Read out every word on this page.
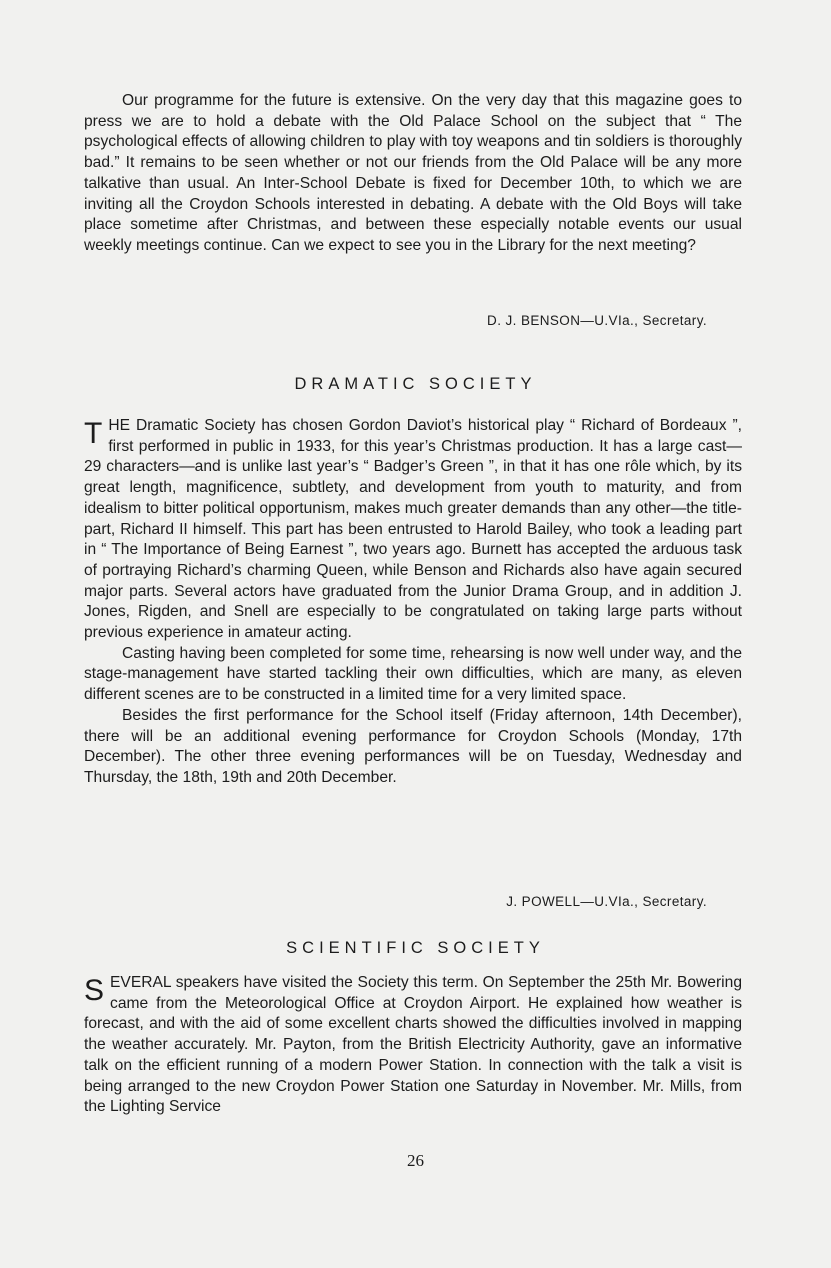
Our programme for the future is extensive. On the very day that this magazine goes to press we are to hold a debate with the Old Palace School on the subject that “ The psychological effects of allowing children to play with toy weapons and tin soldiers is thoroughly bad.” It remains to be seen whether or not our friends from the Old Palace will be any more talkative than usual. An Inter-School Debate is fixed for December 10th, to which we are inviting all the Croydon Schools interested in debating. A debate with the Old Boys will take place sometime after Christmas, and between these especially notable events our usual weekly meetings continue. Can we expect to see you in the Library for the next meeting?

D. J. BENSON—U.VIa., Secretary.

DRAMATIC SOCIETY

THE Dramatic Society has chosen Gordon Daviot’s historical play “ Richard of Bordeaux ”, first performed in public in 1933, for this year’s Christmas production. It has a large cast—29 characters—and is unlike last year’s “ Badger’s Green ”, in that it has one rôle which, by its great length, magnificence, subtlety, and development from youth to maturity, and from idealism to bitter political opportunism, makes much greater demands than any other—the title-part, Richard II himself. This part has been entrusted to Harold Bailey, who took a leading part in “ The Importance of Being Earnest ”, two years ago. Burnett has accepted the arduous task of portraying Richard’s charming Queen, while Benson and Richards also have again secured major parts. Several actors have graduated from the Junior Drama Group, and in addition J. Jones, Rigden, and Snell are especially to be congratulated on taking large parts without previous experience in amateur acting.

Casting having been completed for some time, rehearsing is now well under way, and the stage-management have started tackling their own difficulties, which are many, as eleven different scenes are to be constructed in a limited time for a very limited space.

Besides the first performance for the School itself (Friday afternoon, 14th December), there will be an additional evening performance for Croydon Schools (Monday, 17th December). The other three evening performances will be on Tuesday, Wednesday and Thursday, the 18th, 19th and 20th December.

J. POWELL—U.VIa., Secretary.

SCIENTIFIC SOCIETY

SEVERAL speakers have visited the Society this term. On September the 25th Mr. Bowering came from the Meteorological Office at Croydon Airport. He explained how weather is forecast, and with the aid of some excellent charts showed the difficulties involved in mapping the weather accurately. Mr. Payton, from the British Electricity Authority, gave an informative talk on the efficient running of a modern Power Station. In connection with the talk a visit is being arranged to the new Croydon Power Station one Saturday in November. Mr. Mills, from the Lighting Service

26
